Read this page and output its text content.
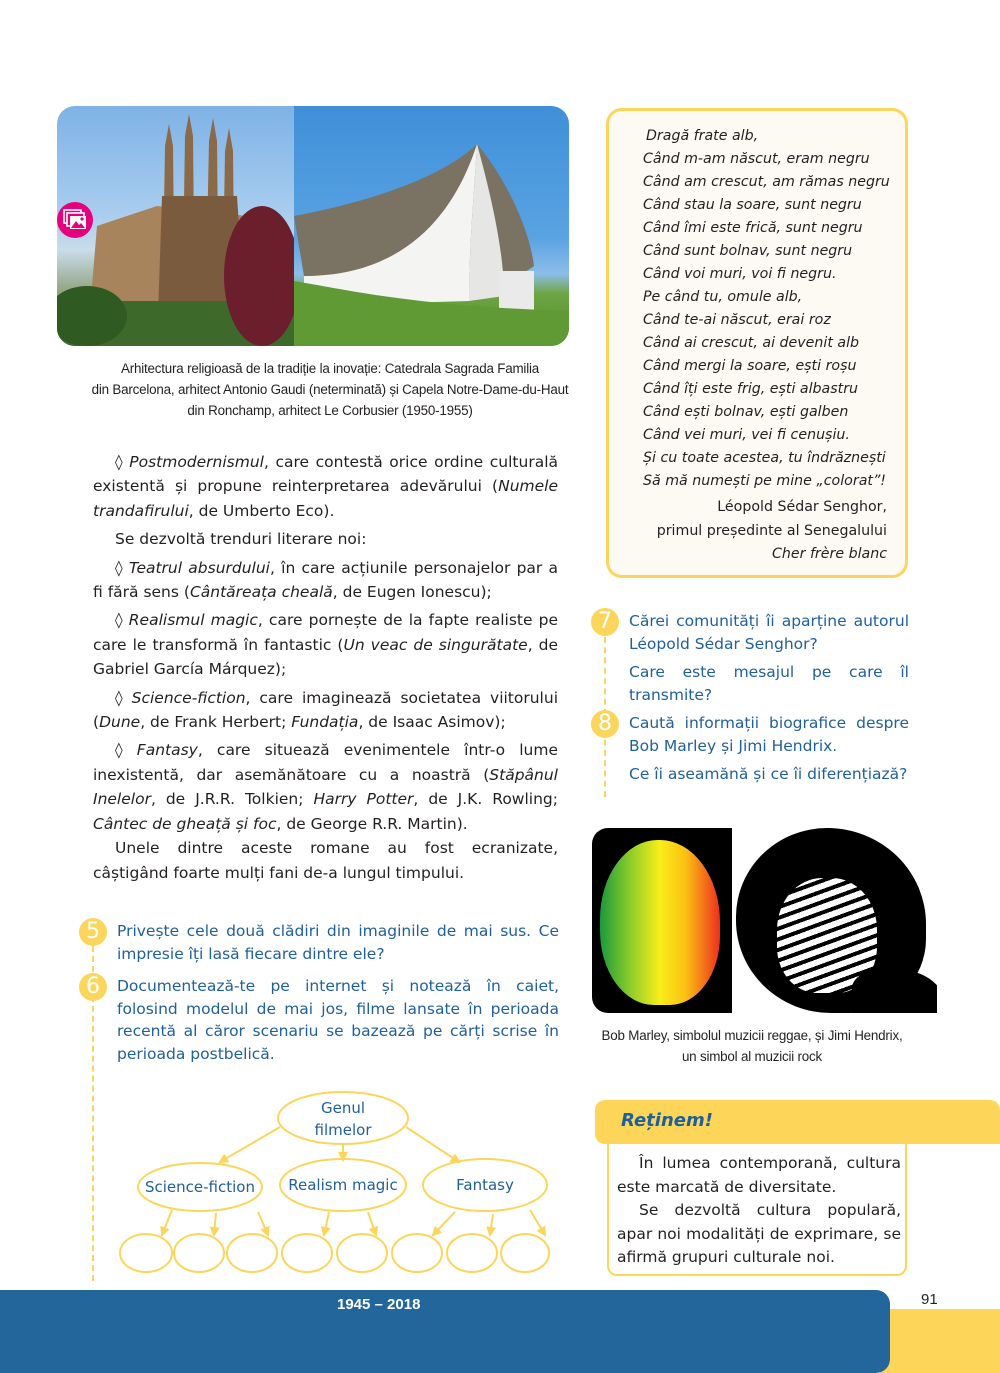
Arhitectura religioasă de la tradiție la inovație: Catedrala Sagrada Familia
din Barcelona, arhitect Antonio Gaudi (neterminată) și Capela Notre-Dame-du-Haut
din Ronchamp, arhitect Le Corbusier (1950-1955)

◊ Postmodernismul, care contestă orice ordine culturală existentă și propune reinterpretarea adevărului (Numele trandafirului, de Umberto Eco).

Se dezvoltă trenduri literare noi:

◊ Teatrul absurdului, în care acțiunile personajelor par a fi fără sens (Cântăreața cheală, de Eugen Ionescu);

◊ Realismul magic, care pornește de la fapte realiste pe care le transformă în fantastic (Un veac de singurătate, de Gabriel García Márquez);

◊ Science-fiction, care imaginează societatea viitorului (Dune, de Frank Herbert; Fundația, de Isaac Asimov);

◊ Fantasy, care situează evenimentele într-o lume inexistentă, dar asemănătoare cu a noastră (Stăpânul Inelelor, de J.R.R. Tolkien; Harry Potter, de J.K. Rowling; Cântec de gheață și foc, de George R.R. Martin).

Unele dintre aceste romane au fost ecranizate, câștigând foarte mulți fani de-a lungul timpului.

5	Privește cele două clădiri din imaginile de mai sus. Ce impresie îți lasă fiecare dintre ele?

6	Documentează-te pe internet și notează în caiet, folosind modelul de mai jos, filme lansate în perioada recentă al căror scenariu se bazează pe cărți scrise în perioada postbelică.

Genul
filmelor
Science-fiction Realism magic	Fantasy
Dragă frate alb,
Când m-am născut, eram negru
Când am crescut, am rămas negru
Când stau la soare, sunt negru
Când îmi este frică, sunt negru
Când sunt bolnav, sunt negru
Când voi muri, voi fi negru.
Pe când tu, omule alb,
Când te-ai născut, erai roz
Când ai crescut, ai devenit alb
Când mergi la soare, ești roșu
Când îți este frig, ești albastru
Când ești bolnav, ești galben
Când vei muri, vei fi cenușiu.
Și cu toate acestea, tu îndrăznești
Să mă numești pe mine „colorat”!
Léopold Sédar Senghor,
primul președinte al Senegalului
Cher frère blanc
7	Cărei comunități îi aparține autorul Léopold Sédar Senghor?

Care este mesajul pe care îl transmite?

8	Caută informații biografice despre Bob Marley și Jimi Hendrix.

Ce îi aseamănă și ce îi diferențiază?

Bob Marley, simbolul muzicii reggae, și Jimi Hendrix,
un simbol al muzicii rock
Reținem!

În lumea contemporană, cultura este marcată de diversitate.

Se dezvoltă cultura populară, apar noi modalități de exprimare, se afirmă grupuri culturale noi.

1945 – 2018	91
